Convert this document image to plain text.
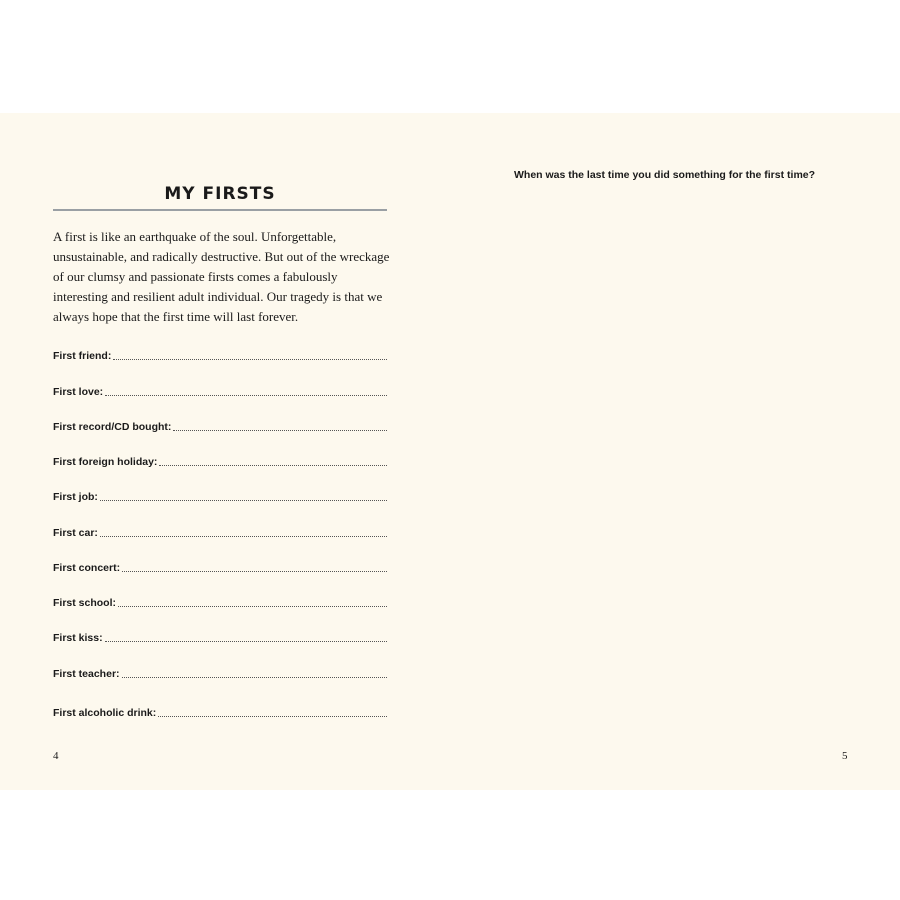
MY FIRSTS

A first is like an earthquake of the soul. Unforgettable, unsustainable, and radically destructive. But out of the wreckage of our clumsy and passionate firsts comes a fabulously interesting and resilient adult individual. Our tragedy is that we always hope that the first time will last forever.

First friend:
First love:
First record/CD bought:
First foreign holiday:
First job:
First car:
First concert:
First school:
First kiss:
First teacher:
First alcoholic drink:
4

When was the last time you did something for the first time?

5
